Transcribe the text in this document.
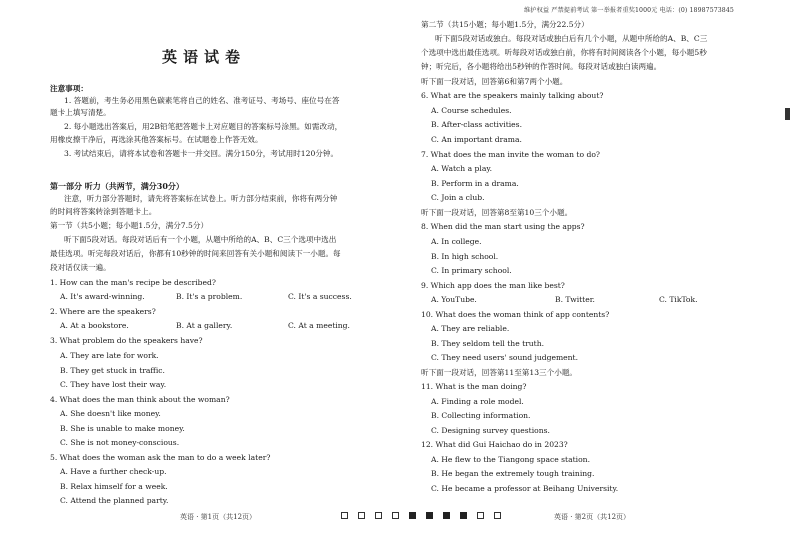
英语试卷
注意事项：
1. 答题前，考生务必用黑色碳素笔将自己的姓名、准考证号、考场号、座位号在答
题卡上填写清楚。
2. 每小题选出答案后，用2B铅笔把答题卡上对应题目的答案标号涂黑。如需改动，
用橡皮擦干净后，再选涂其他答案标号。在试题卷上作答无效。
3. 考试结束后，请将本试卷和答题卡一并交回。满分150分，考试用时120分钟。
第一部分 听力（共两节，满分30分）
注意，听力部分答题时，请先将答案标在试卷上。听力部分结束前，你将有两分钟
的时间将答案转涂到答题卡上。
第一节（共5小题；每小题1.5分，满分7.5分）
听下面5段对话。每段对话后有一个小题，从题中所给的A、B、C三个选项中选出
最佳选项。听完每段对话后，你都有10秒钟的时间来回答有关小题和阅读下一小题。每
段对话仅读一遍。
1. How can the man's recipe be described?
A. It's award-winning.	B. It's a problem.	C. It's a success.
2. Where are the speakers?
A. At a bookstore.	B. At a gallery.	C. At a meeting.
3. What problem do the speakers have?
A. They are late for work.
B. They get stuck in traffic.
C. They have lost their way.
4. What does the man think about the woman?
A. She doesn't like money.
B. She is unable to make money.
C. She is not money-conscious.
5. What does the woman ask the man to do a week later?
A. Have a further check-up.
B. Relax himself for a week.
C. Attend the planned party.
英语 · 第1页（共12页）
维护权益 严禁提前考试 第一举报者重奖1000元 电话：(0) 18987573845
第二节（共15小题；每小题1.5分，满分22.5分）
听下面5段对话或独白。每段对话或独白后有几个小题，从题中所给的A、B、C三
个选项中选出最佳选项。听每段对话或独白前，你将有时间阅读各个小题，每小题5秒
钟；听完后，各小题将给出5秒钟的作答时间。每段对话或独白读两遍。
听下面一段对话，回答第6和第7两个小题。
6. What are the speakers mainly talking about?
A. Course schedules.
B. After-class activities.
C. An important drama.
7. What does the man invite the woman to do?
A. Watch a play.
B. Perform in a drama.
C. Join a club.
听下面一段对话，回答第8至第10三个小题。
8. When did the man start using the apps?
A. In college.
B. In high school.
C. In primary school.
9. Which app does the man like best?
A. YouTube.	B. Twitter.	C. TikTok.
10. What does the woman think of app contents?
A. They are reliable.
B. They seldom tell the truth.
C. They need users' sound judgement.
听下面一段对话，回答第11至第13三个小题。
11. What is the man doing?
A. Finding a role model.
B. Collecting information.
C. Designing survey questions.
12. What did Gui Haichao do in 2023?
A. He flew to the Tiangong space station.
B. He began the extremely tough training.
C. He became a professor at Beihang University.
英语 · 第2页（共12页）
